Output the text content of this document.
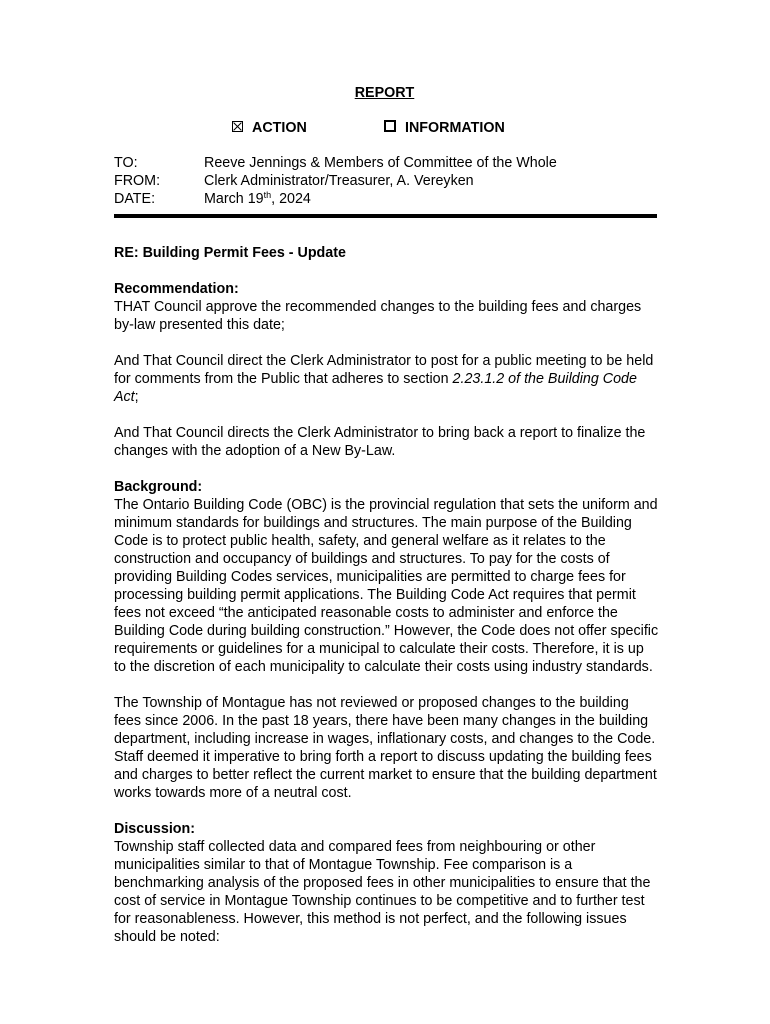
REPORT
ACTION	INFORMATION
TO:	Reeve Jennings & Members of Committee of the Whole
FROM:	Clerk Administrator/Treasurer, A. Vereyken
DATE:	March 19th, 2024
RE: Building Permit Fees - Update
Recommendation:

THAT Council approve the recommended changes to the building fees and charges by-law presented this date;

And That Council direct the Clerk Administrator to post for a public meeting to be held for comments from the Public that adheres to section 2.23.1.2 of the Building Code Act;

And That Council directs the Clerk Administrator to bring back a report to finalize the changes with the adoption of a New By-Law.

Background:

The Ontario Building Code (OBC) is the provincial regulation that sets the uniform and minimum standards for buildings and structures. The main purpose of the Building Code is to protect public health, safety, and general welfare as it relates to the construction and occupancy of buildings and structures. To pay for the costs of providing Building Codes services, municipalities are permitted to charge fees for processing building permit applications. The Building Code Act requires that permit fees not exceed “the anticipated reasonable costs to administer and enforce the Building Code during building construction.” However, the Code does not offer specific requirements or guidelines for a municipal to calculate their costs. Therefore, it is up to the discretion of each municipality to calculate their costs using industry standards.

The Township of Montague has not reviewed or proposed changes to the building fees since 2006. In the past 18 years, there have been many changes in the building department, including increase in wages, inflationary costs, and changes to the Code. Staff deemed it imperative to bring forth a report to discuss updating the building fees and charges to better reflect the current market to ensure that the building department works towards more of a neutral cost.

Discussion:

Township staff collected data and compared fees from neighbouring or other municipalities similar to that of Montague Township. Fee comparison is a benchmarking analysis of the proposed fees in other municipalities to ensure that the cost of service in Montague Township continues to be competitive and to further test for reasonableness. However, this method is not perfect, and the following issues should be noted:
